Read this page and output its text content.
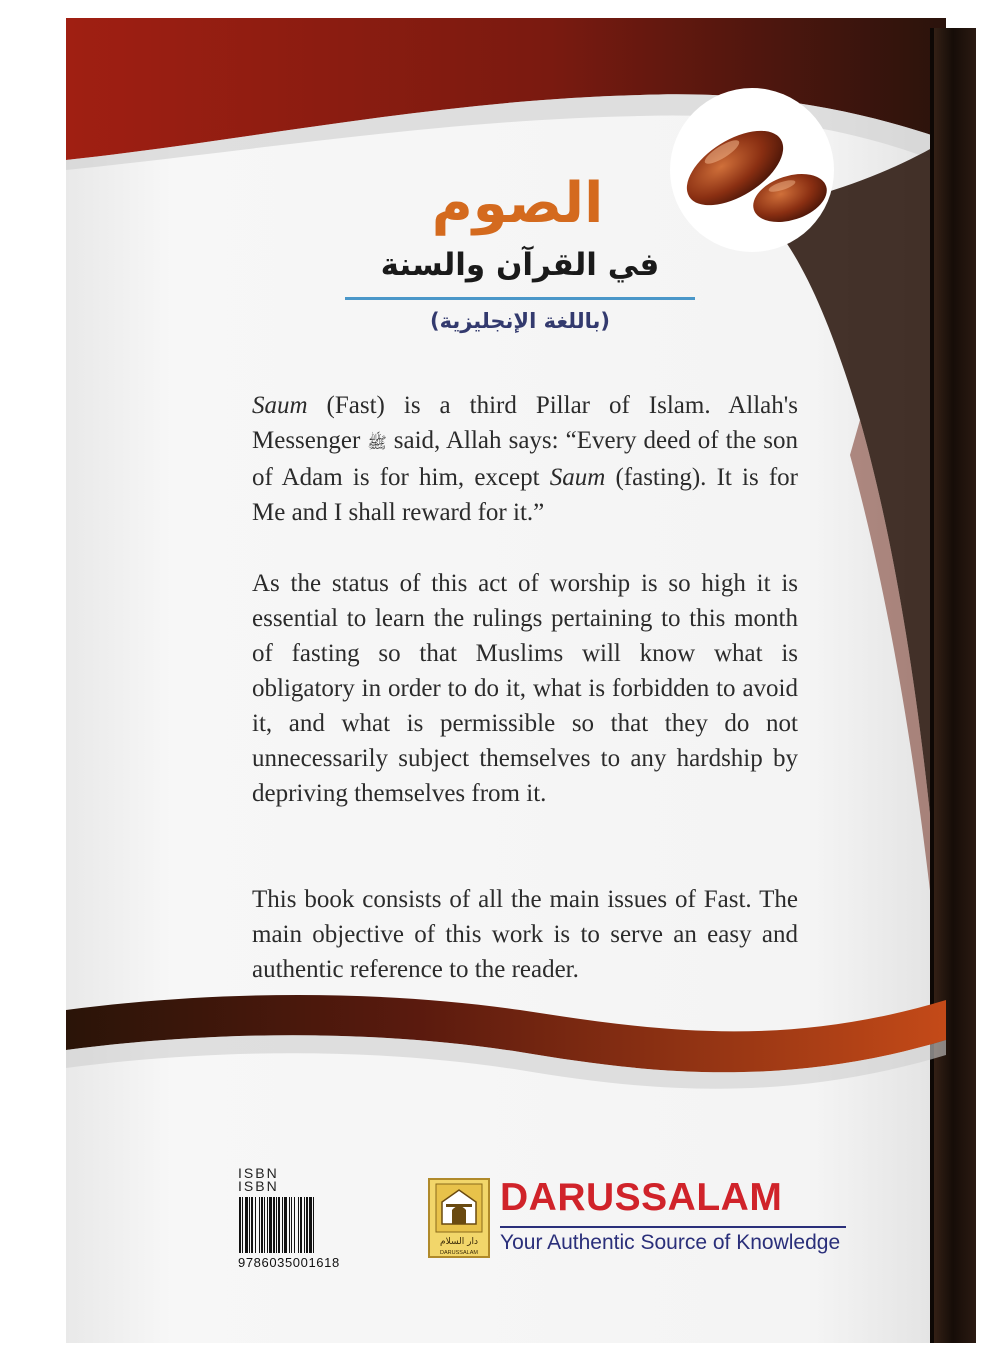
الصوم
في القرآن والسنة
(باللغة الإنجليزية)

Saum (Fast) is a third Pillar of Islam. Allah's Messenger ﷺ said, Allah says: “Every deed of the son of Adam is for him, except Saum (fasting). It is for Me and I shall reward for it.”

As the status of this act of worship is so high it is essential to learn the rulings pertaining to this month of fasting so that Muslims will know what is obligatory in order to do it, what is forbidden to avoid it, and what is permissible so that they do not unnecessarily subject themselves to any hardship by depriving themselves from it.

This book consists of all the main issues of Fast. The main objective of this work is to serve an easy and authentic reference to the reader.

ISBN
ISBN
9786035001618
دار السلام
DARUSSALAM
DARUSSALAM
Your Authentic Source of Knowledge
